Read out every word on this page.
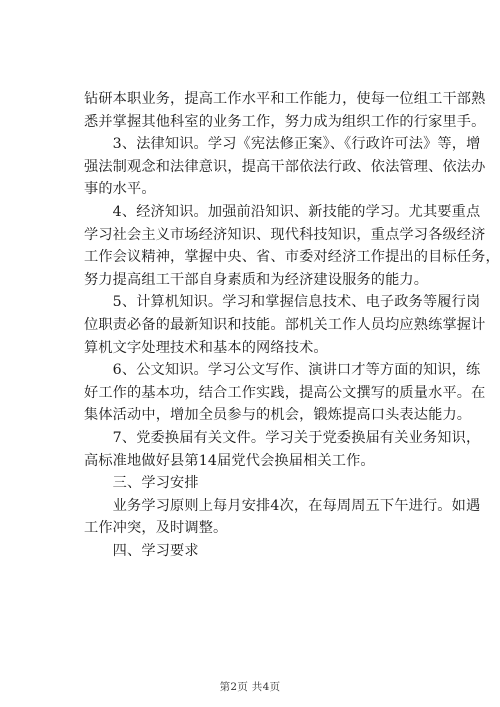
钻研本职业务，提高工作水平和工作能力，使每一位组工干部熟
悉并掌握其他科室的业务工作，努力成为组织工作的行家里手。
　　3、法律知识。学习《宪法修正案》、《行政许可法》等，增
强法制观念和法律意识，提高干部依法行政、依法管理、依法办
事的水平。
　　4、经济知识。加强前沿知识、新技能的学习。尤其要重点
学习社会主义市场经济知识、现代科技知识，重点学习各级经济
工作会议精神，掌握中央、省、市委对经济工作提出的目标任务，
努力提高组工干部自身素质和为经济建设服务的能力。
　　5、计算机知识。学习和掌握信息技术、电子政务等履行岗
位职责必备的最新知识和技能。部机关工作人员均应熟练掌握计
算机文字处理技术和基本的网络技术。
　　6、公文知识。学习公文写作、演讲口才等方面的知识，练
好工作的基本功，结合工作实践，提高公文撰写的质量水平。在
集体活动中，增加全员参与的机会，锻炼提高口头表达能力。
　　7、党委换届有关文件。学习关于党委换届有关业务知识，
高标准地做好县第14届党代会换届相关工作。
　　三、学习安排
　　业务学习原则上每月安排4次，在每周周五下午进行。如遇
工作冲突，及时调整。
　　四、学习要求
第2页 共4页
